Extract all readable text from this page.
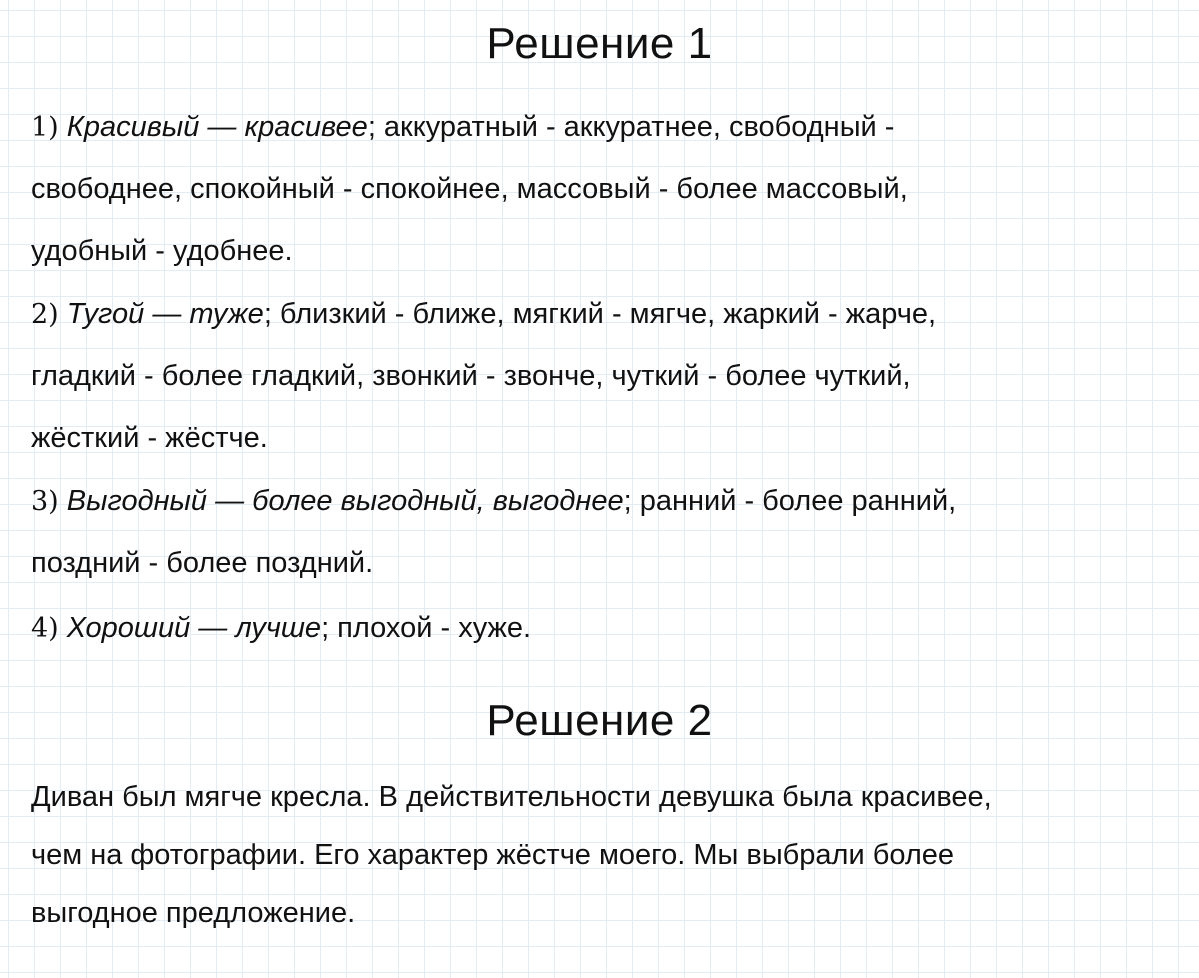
Решение 1

1) Красивый — красивее; аккуратный - аккуратнее, свободный -
свободнее, спокойный - спокойнее, массовый - более массовый,
удобный - удобнее.

2) Тугой — туже; близкий - ближе, мягкий - мягче, жаркий - жарче,
гладкий - более гладкий, звонкий - звонче, чуткий - более чуткий,
жёсткий - жёстче.

3) Выгодный — более выгодный, выгоднее; ранний - более ранний,
поздний - более поздний.

4) Хороший — лучше; плохой - хуже.

Решение 2

Диван был мягче кресла. В действительности девушка была красивее,
чем на фотографии. Его характер жёстче моего. Мы выбрали более
выгодное предложение.
